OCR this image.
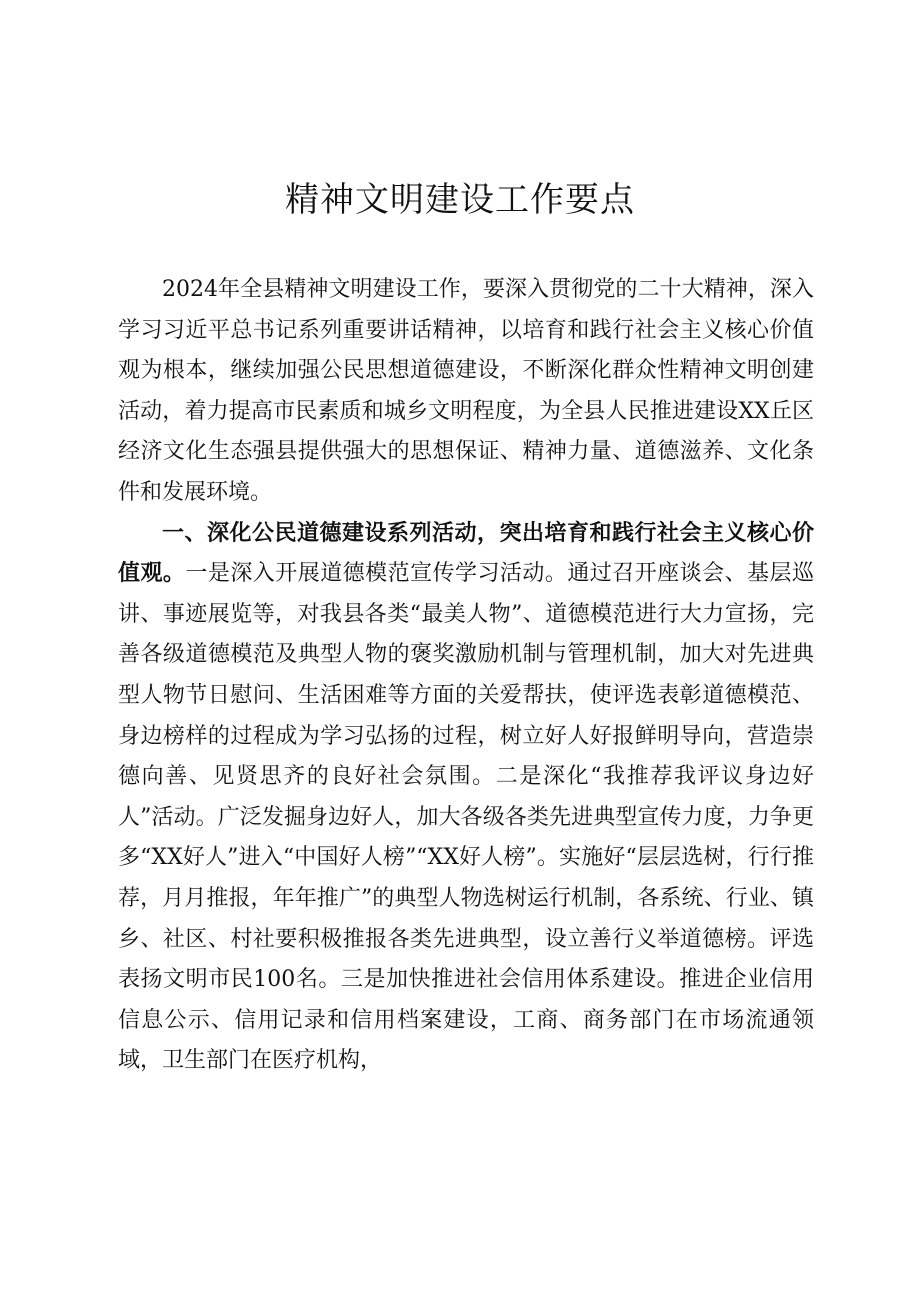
精神文明建设工作要点

2024年全县精神文明建设工作，要深入贯彻党的二十大精神，深入学习习近平总书记系列重要讲话精神，以培育和践行社会主义核心价值观为根本，继续加强公民思想道德建设，不断深化群众性精神文明创建活动，着力提高市民素质和城乡文明程度，为全县人民推进建设XX丘区经济文化生态强县提供强大的思想保证、精神力量、道德滋养、文化条件和发展环境。

一、深化公民道德建设系列活动，突出培育和践行社会主义核心价值观。一是深入开展道德模范宣传学习活动。通过召开座谈会、基层巡讲、事迹展览等，对我县各类“最美人物”、道德模范进行大力宣扬，完善各级道德模范及典型人物的褒奖激励机制与管理机制，加大对先进典型人物节日慰问、生活困难等方面的关爱帮扶，使评选表彰道德模范、身边榜样的过程成为学习弘扬的过程，树立好人好报鲜明导向，营造崇德向善、见贤思齐的良好社会氛围。二是深化“我推荐我评议身边好人”活动。广泛发掘身边好人，加大各级各类先进典型宣传力度，力争更多“XX好人”进入“中国好人榜”“XX好人榜”。实施好“层层选树，行行推荐，月月推报，年年推广”的典型人物选树运行机制，各系统、行业、镇乡、社区、村社要积极推报各类先进典型，设立善行义举道德榜。评选表扬文明市民100名。三是加快推进社会信用体系建设。推进企业信用信息公示、信用记录和信用档案建设，工商、商务部门在市场流通领域，卫生部门在医疗机构，
